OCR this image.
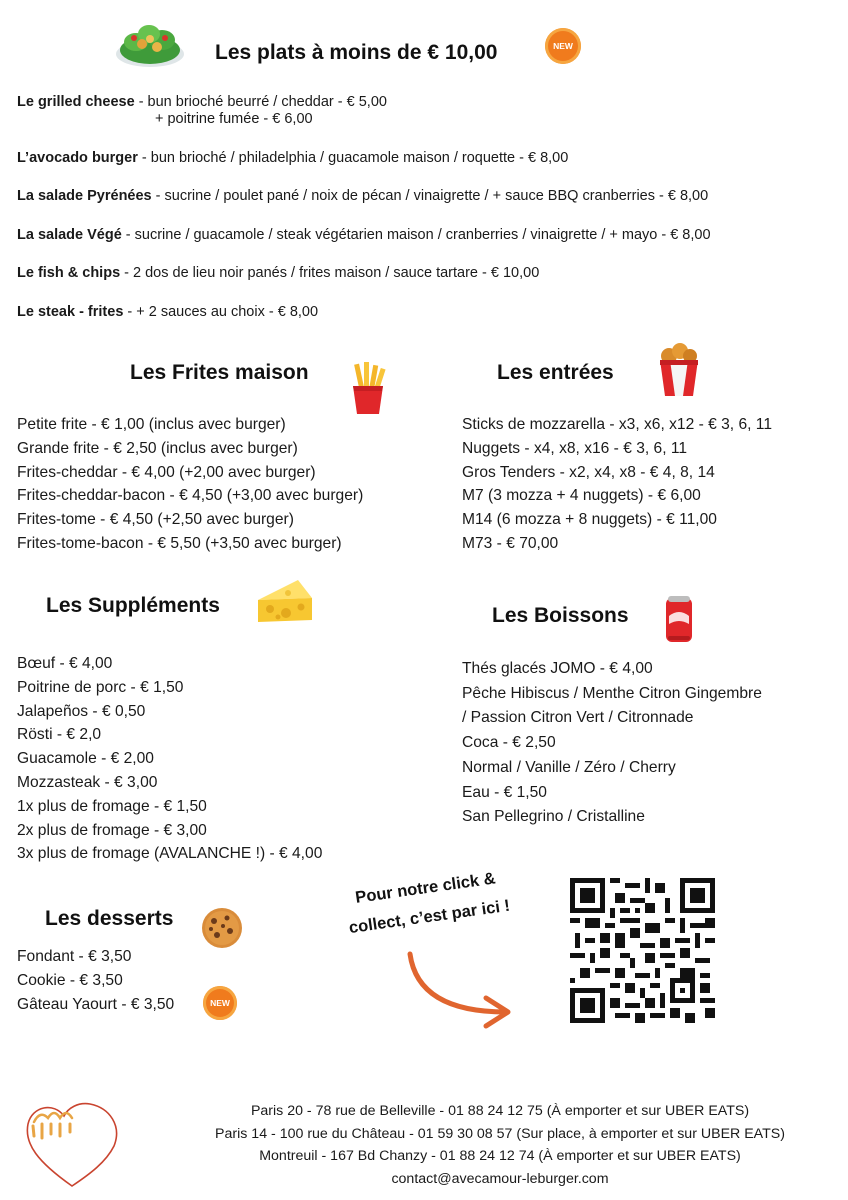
Les plats à moins de € 10,00	NEW
Le grilled cheese - bun brioché beurré / cheddar - € 5,00
+ poitrine fumée - € 6,00
L’avocado burger - bun brioché / philadelphia / guacamole maison / roquette - € 8,00
La salade Pyrénées - sucrine / poulet pané / noix de pécan / vinaigrette / + sauce BBQ cranberries - € 8,00
La salade Végé - sucrine / guacamole / steak végétarien maison / cranberries / vinaigrette / + mayo - € 8,00
Le fish & chips - 2 dos de lieu noir panés / frites maison / sauce tartare - € 10,00
Le steak - frites - + 2 sauces au choix - € 8,00
Les Frites maison
Petite frite - € 1,00 (inclus avec burger)
Grande frite - € 2,50 (inclus avec burger)
Frites-cheddar - € 4,00 (+2,00 avec burger)
Frites-cheddar-bacon - € 4,50 (+3,00 avec burger)
Frites-tome - € 4,50 (+2,50 avec burger)
Frites-tome-bacon - € 5,50 (+3,50 avec burger)
Les entrées
Sticks de mozzarella - x3, x6, x12 - € 3, 6, 11
Nuggets - x4, x8, x16 - € 3, 6, 11
Gros Tenders - x2, x4, x8 - € 4, 8, 14
M7 (3 mozza + 4 nuggets) - € 6,00
M14 (6 mozza + 8 nuggets) - € 11,00
M73 - € 70,00
Les Suppléments
Bœuf - € 4,00
Poitrine de porc - € 1,50
Jalapeños - € 0,50
Rösti - € 2,0
Guacamole - € 2,00
Mozzasteak - € 3,00
1x plus de fromage - € 1,50
2x plus de fromage - € 3,00
3x plus de fromage (AVALANCHE !) - € 4,00
Les Boissons
Thés glacés JOMO - € 4,00
Pêche Hibiscus / Menthe Citron Gingembre
/ Passion Citron Vert / Citronnade
Coca - € 2,50
Normal / Vanille / Zéro / Cherry
Eau - € 1,50
San Pellegrino / Cristalline
Les desserts
Fondant - € 3,50
Cookie - € 3,50
Gâteau Yaourt - € 3,50	NEW
Pour notre click &
collect, c’est par ici !
Paris 20 - 78 rue de Belleville - 01 88 24 12 75 (À emporter et sur UBER EATS)
Paris 14 - 100 rue du Château - 01 59 30 08 57 (Sur place, à emporter et sur UBER EATS)
Montreuil - 167 Bd Chanzy - 01 88 24 12 74 (À emporter et sur UBER EATS)
contact@avecamour-leburger.com
